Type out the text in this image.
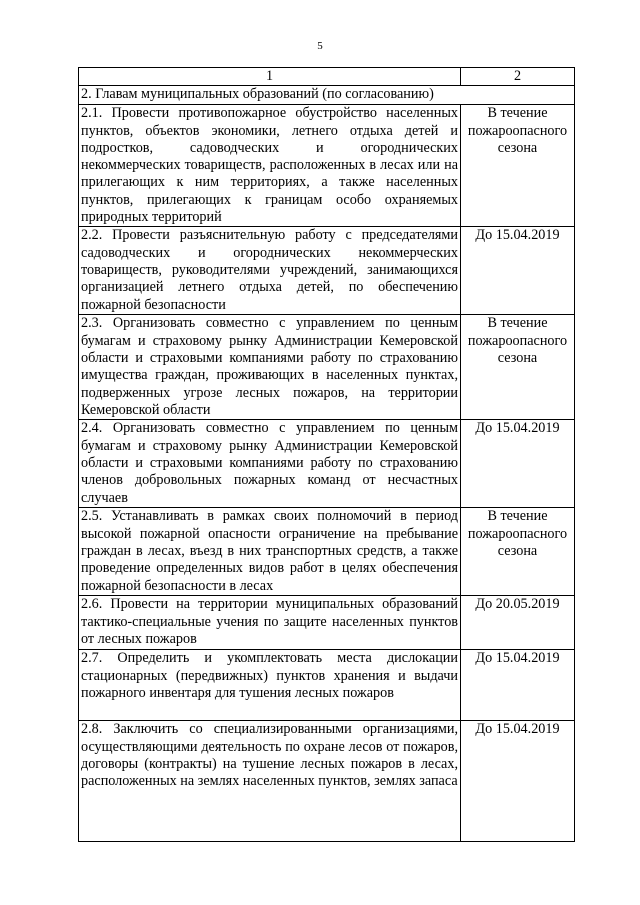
5
1	2
2. Главам муниципальных образований (по согласованию)	
2.1. Провести противопожарное обустройство населенных пунктов, объектов экономики, летнего отдыха детей и подростков, садоводческих и огороднических некоммерческих товариществ, расположенных в лесах или на прилегающих к ним территориях, а также населенных пунктов, прилегающих к границам особо охраняемых природных территорий	В течение пожароопасного сезона
2.2. Провести разъяснительную работу с председателями садоводческих и огороднических некоммерческих товариществ, руководителями учреждений, занимающихся организацией летнего отдыха детей, по обеспечению пожарной безопасности	До 15.04.2019
2.3. Организовать совместно с управлением по ценным бумагам и страховому рынку Администрации Кемеровской области и страховыми компаниями работу по страхованию имущества граждан, проживающих в населенных пунктах, подверженных угрозе лесных пожаров, на территории Кемеровской области	В течение пожароопасного сезона
2.4. Организовать совместно с управлением по ценным бумагам и страховому рынку Администрации Кемеровской области и страховыми компаниями работу по страхованию членов добровольных пожарных команд от несчастных случаев	До 15.04.2019
2.5. Устанавливать в рамках своих полномочий в период высокой пожарной опасности ограничение на пребывание граждан в лесах, въезд в них транспортных средств, а также проведение определенных видов работ в целях обеспечения пожарной безопасности в лесах	В течение пожароопасного сезона
2.6. Провести на территории муниципальных образований тактико-специальные учения по защите населенных пунктов от лесных пожаров	До 20.05.2019
2.7. Определить и укомплектовать места дислокации стационарных (передвижных) пунктов хранения и выдачи пожарного инвентаря для тушения лесных пожаров	До 15.04.2019
2.8. Заключить со специализированными организациями, осуществляющими деятельность по охране лесов от пожаров, договоры (контракты) на тушение лесных пожаров в лесах, расположенных на землях населенных пунктов, землях запаса	До 15.04.2019
